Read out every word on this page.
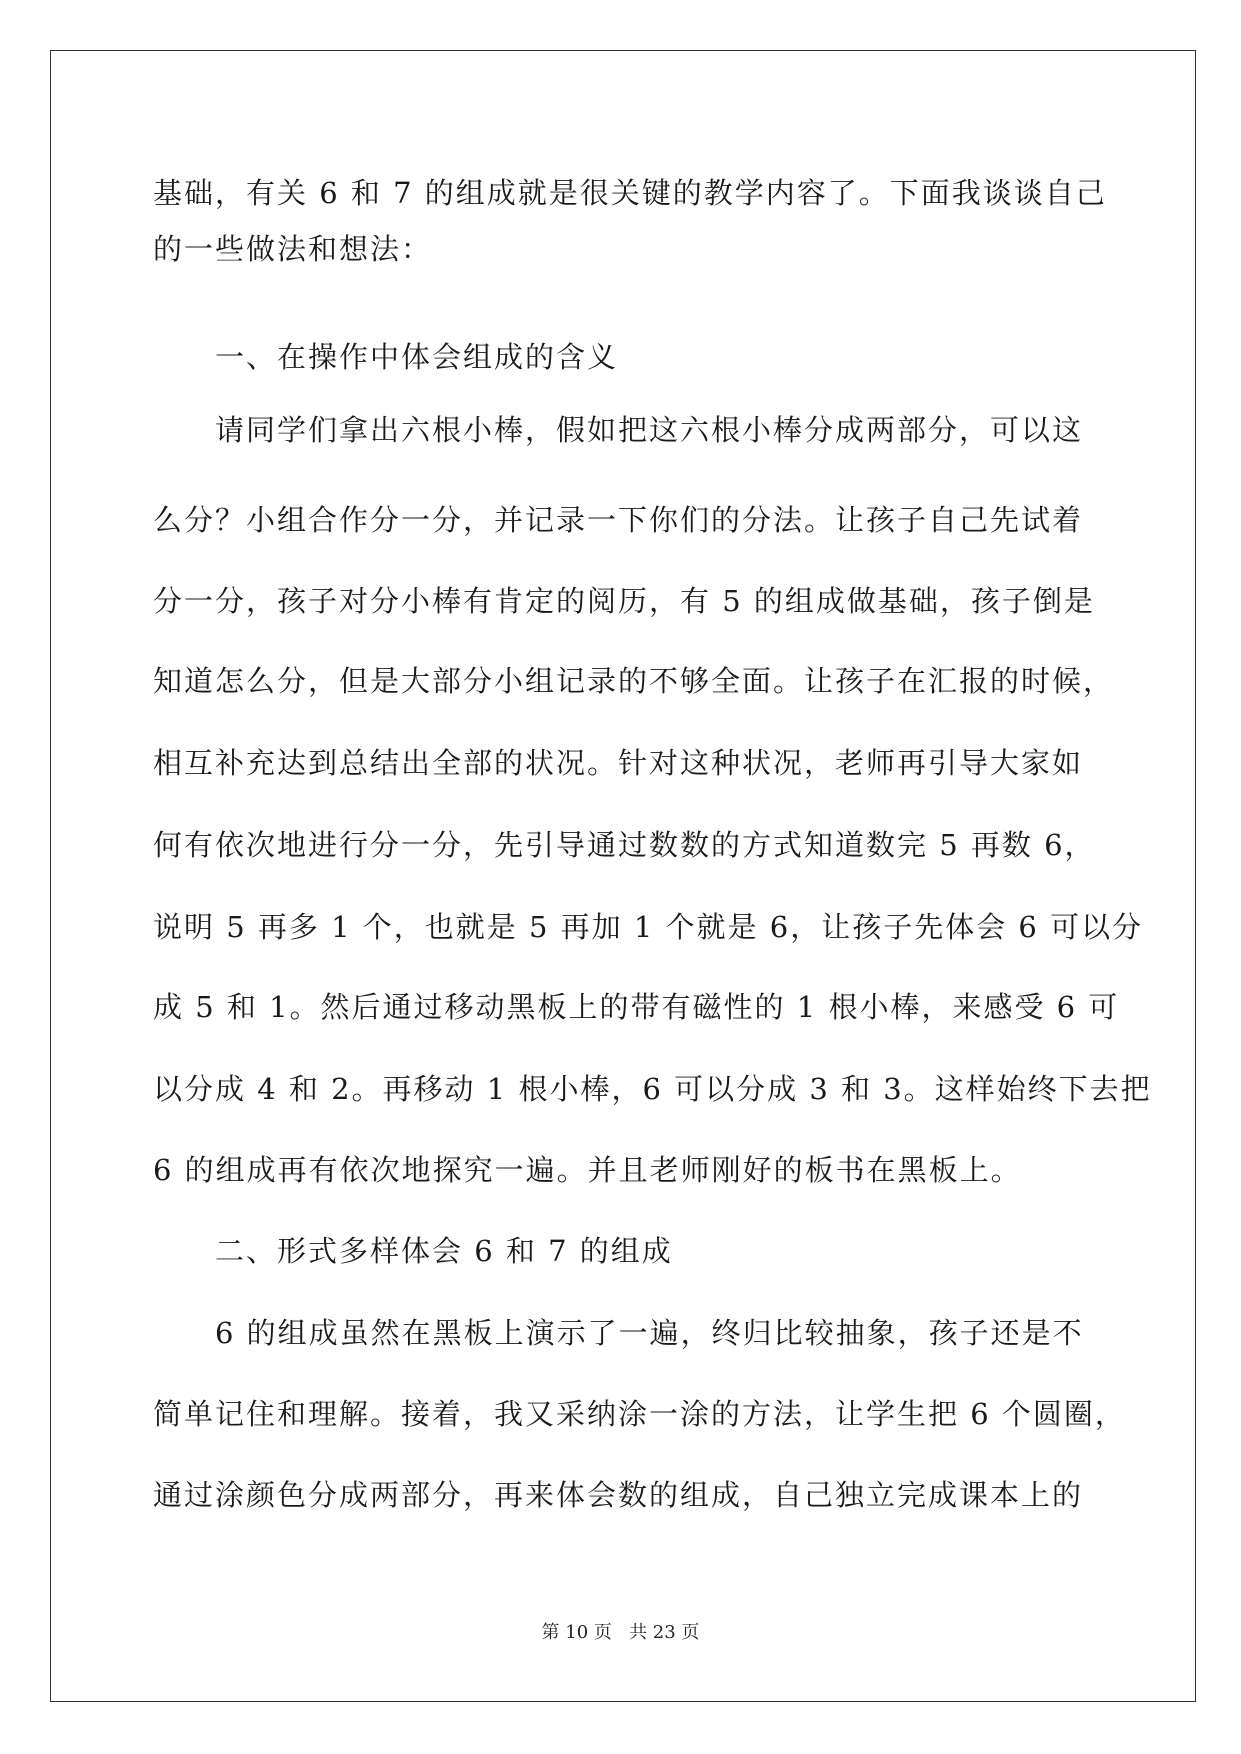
基础，有关 6 和 7 的组成就是很关键的教学内容了。下面我谈谈自己
的一些做法和想法：
一、在操作中体会组成的含义
请同学们拿出六根小棒，假如把这六根小棒分成两部分，可以这
么分？小组合作分一分，并记录一下你们的分法。让孩子自己先试着
分一分，孩子对分小棒有肯定的阅历，有 5 的组成做基础，孩子倒是
知道怎么分，但是大部分小组记录的不够全面。让孩子在汇报的时候，
相互补充达到总结出全部的状况。针对这种状况，老师再引导大家如
何有依次地进行分一分，先引导通过数数的方式知道数完 5 再数 6，
说明 5 再多 1 个，也就是 5 再加 1 个就是 6，让孩子先体会 6 可以分
成 5 和 1。然后通过移动黑板上的带有磁性的 1 根小棒，来感受 6 可
以分成 4 和 2。再移动 1 根小棒，6 可以分成 3 和 3。这样始终下去把
6 的组成再有依次地探究一遍。并且老师刚好的板书在黑板上。
二、形式多样体会 6 和 7 的组成
6 的组成虽然在黑板上演示了一遍，终归比较抽象，孩子还是不
简单记住和理解。接着，我又采纳涂一涂的方法，让学生把 6 个圆圈，
通过涂颜色分成两部分，再来体会数的组成，自己独立完成课本上的
第 10 页 共 23 页
